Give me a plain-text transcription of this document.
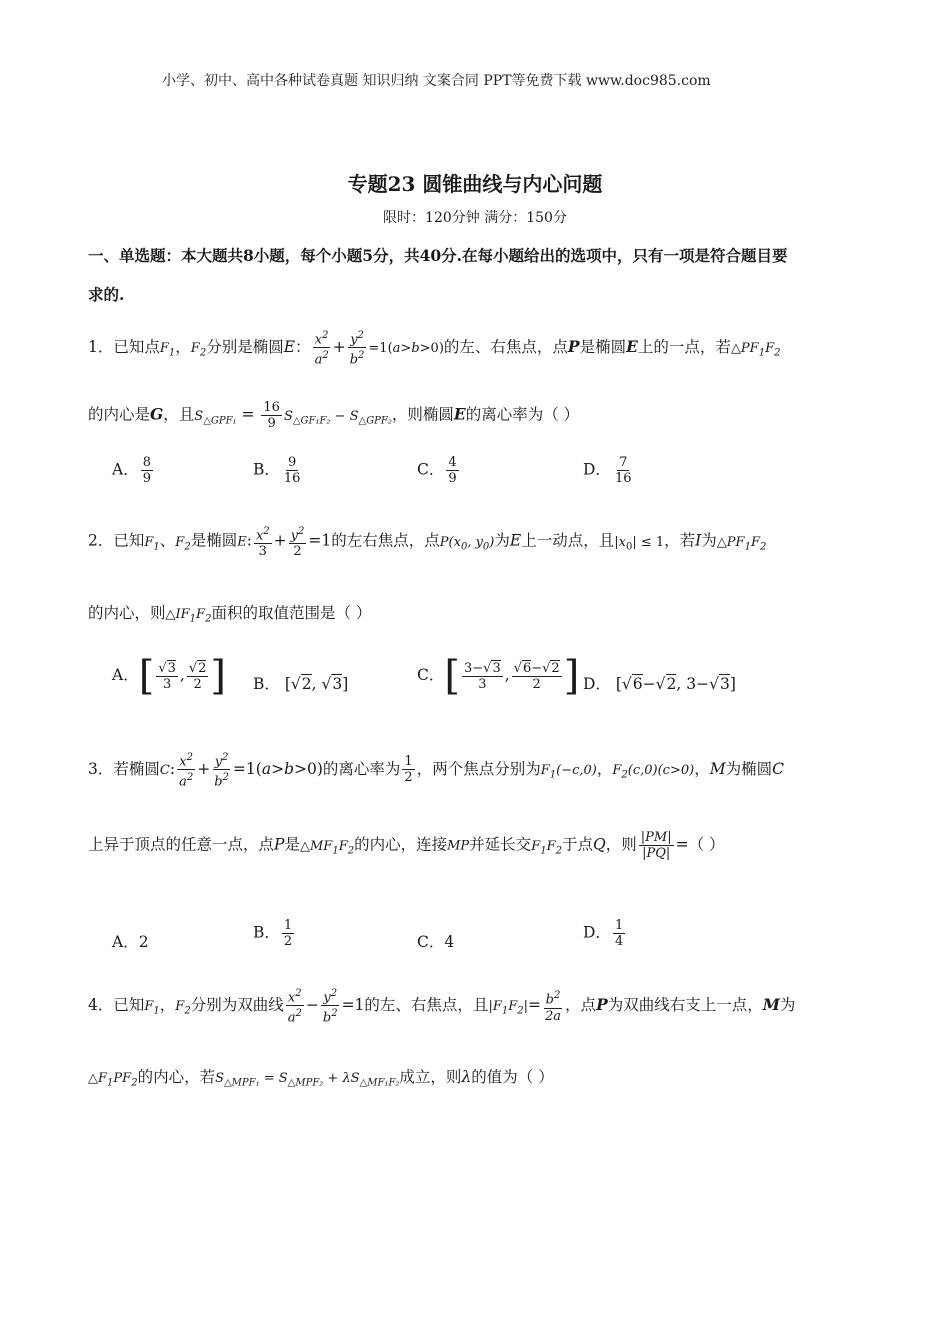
小学、初中、高中各种试卷真题 知识归纳 文案合同 PPT等免费下载 www.doc985.com
专题23 圆锥曲线与内心问题
限时：120分钟 满分：150分
一、单选题：本大题共8小题，每个小题5分，共40分.在每小题给出的选项中，只有一项是符合题目要
求的.
1．已知点$F_1$，$F_2$分别是椭圆E： $\frac{x^2}{a^2} + \frac{y^2}{b^2} =1(a>b>0)$的左、右焦点，点P是椭圆E上的一点，若$\triangle PF_1F_2$
的内心是G，且$S_{\triangle GPF_1} = \frac{16}{9} S_{\triangle GF_1F_2} - S_{\triangle GPF_2}$，则椭圆E的离心率为（ ）
A． $\frac{8}{9}$	B． $\frac{9}{16}$	C． $\frac{4}{9}$	D． $\frac{7}{16}$
2．已知$F_1$、$F_2$是椭圆E: $\frac{x^2}{3} + \frac{y^2}{2} =1$的左右焦点，点$P(x_0$, $y_0$)为E上一动点，且$|x_0| \le 1$，若I为$\triangle PF_1F_2$
的内心，则$\triangle IF_1F_2$面积的取值范围是（ ）
A．[ $\frac{√3}{3}$ , $\frac{√2}{2}$ ] B． [√2, √3]	C．[ $\frac{3-√3}{3}$ , $\frac{√6-√2}{2}$ ] D． [√6−√2, 3−√3]
3．若椭圆C: $\frac{x^2}{a^2} + \frac{y^2}{b^2} =1(a>b>0)$的离心率为 $\frac{1}{2}$ ，两个焦点分别为$F_1(-c,0)$，$F_2(c,0)(c>0)$，M为椭圆C
上异于顶点的任意一点，点P是$\triangle MF_1F_2$的内心，连接MP并延长交$F_1F_2$于点Q，则 $\frac{|PM|}{|PQ|}$ =（ ）
A．2
B． $\frac{1}{2}$	C．4
D． $\frac{1}{4}$
4．已知$F_1$，$F_2$分别为双曲线 $\frac{x^2}{a^2} - \frac{y^2}{b^2} =1$的左、右焦点，且$|F_1F_2|= \frac{b^2}{2a}$ ，点P为双曲线右支上一点，M为
$\triangle F_1PF_2$的内心，若$S_{\triangle MPF_1} = S_{\triangle MPF_2} + \lambda S_{\triangle MF_1F_2}$成立，则λ的值为（ ）
